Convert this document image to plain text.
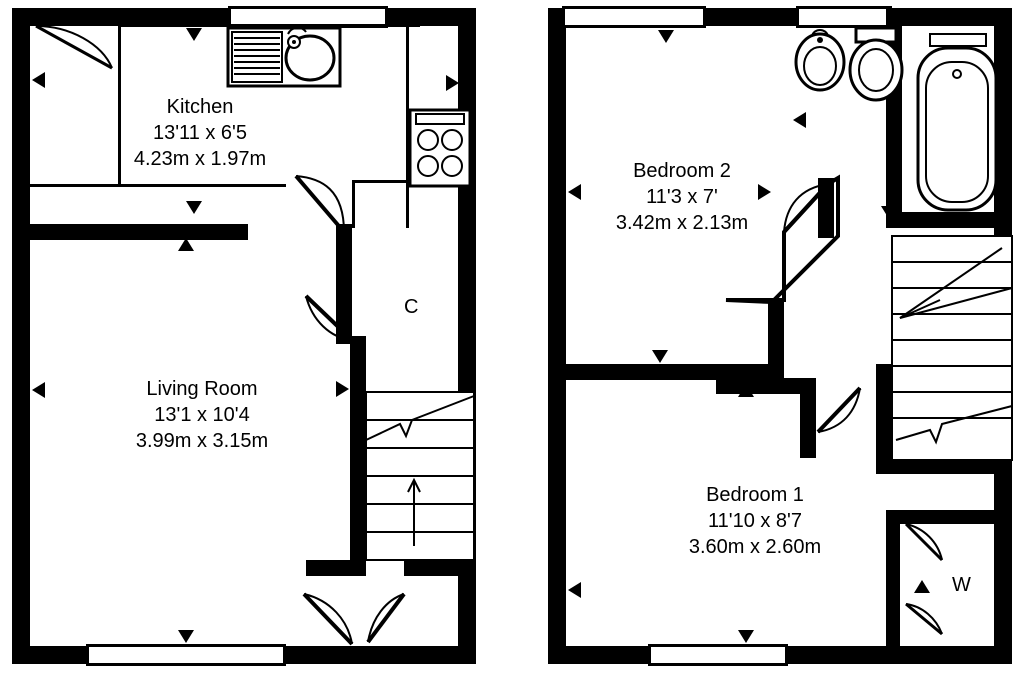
Kitchen
13'11 x 6'5
4.23m x 1.97m
Living Room
13'1 x 10'4
3.99m x 3.15m
C
Bedroom 2
11'3 x 7'
3.42m x 2.13m
Bedroom 1
11'10 x 8'7
3.60m x 2.60m
W
